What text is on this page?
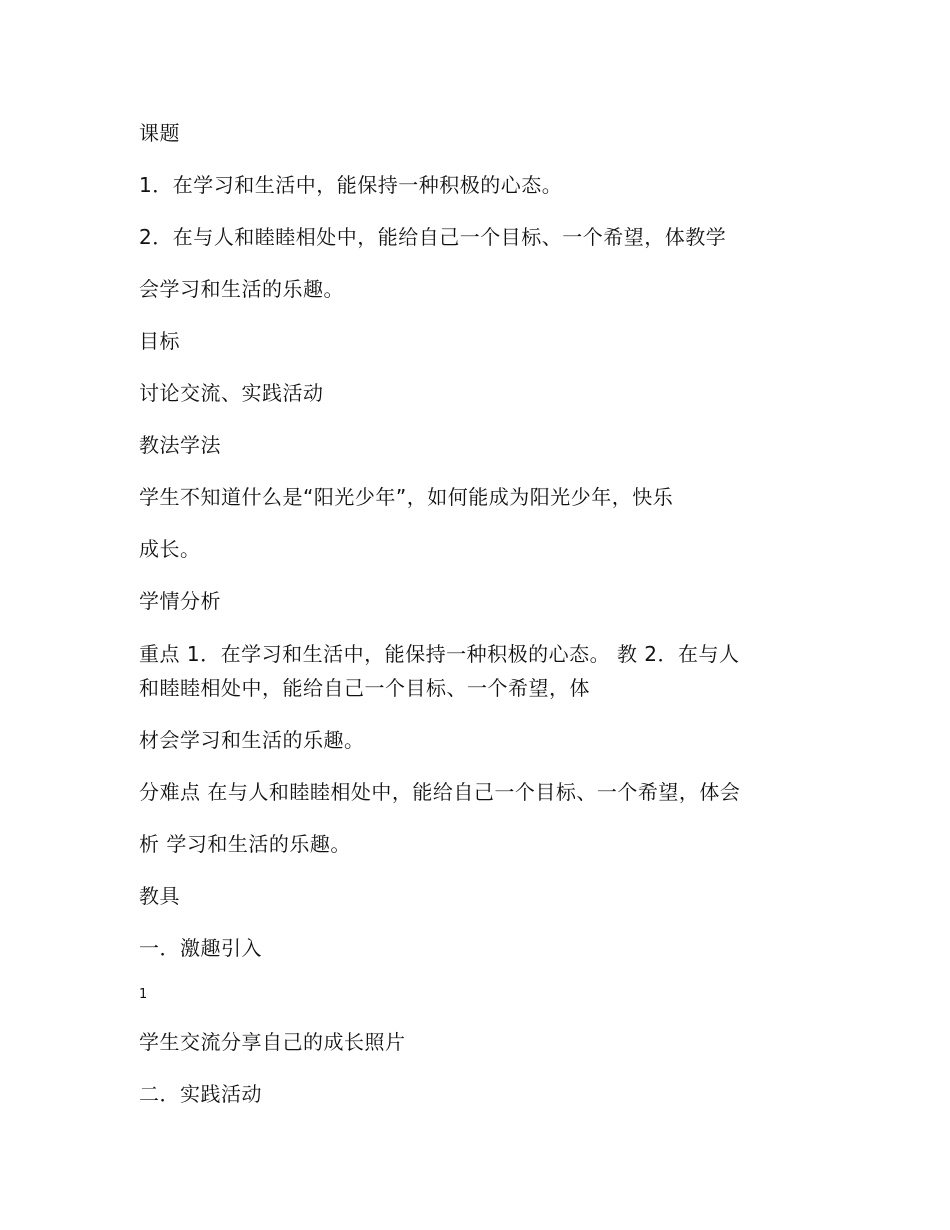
课题
1．在学习和生活中，能保持一种积极的心态。
2．在与人和睦睦相处中，能给自己一个目标、一个希望，体教学
会学习和生活的乐趣。
目标
讨论交流、实践活动
教法学法
学生不知道什么是“阳光少年”，如何能成为阳光少年，快乐
成长。
学情分析
重点 1．在学习和生活中，能保持一种积极的心态。 教 2．在与人
和睦睦相处中，能给自己一个目标、一个希望，体
材会学习和生活的乐趣。
分难点 在与人和睦睦相处中，能给自己一个目标、一个希望，体会
析 学习和生活的乐趣。
教具
一．激趣引入
1
学生交流分享自己的成长照片
二．实践活动
